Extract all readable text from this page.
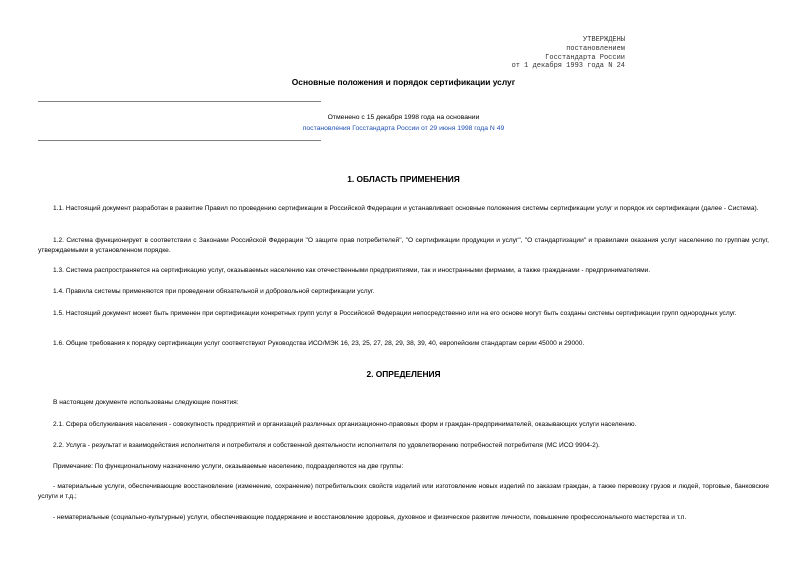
УТВЕРЖДЕНЫ
постановлением
Госстандарта России
от 1 декабря 1993 года N 24
Основные положения и порядок сертификации услуг
Отменено с 15 декабря 1998 года на основании
постановления Госстандарта России от 29 июня 1998 года N 49
1. ОБЛАСТЬ ПРИМЕНЕНИЯ
1.1. Настоящий документ разработан в развитие Правил по проведению сертификации в Российской Федерации и устанавливает основные положения системы сертификации услуг и порядок их сертификации (далее - Система).
1.2. Система функционирует в соответствии с Законами Российской Федерации "О защите прав потребителей", "О сертификации продукции и услуг", "О стандартизации" и правилами оказания услуг населению по группам услуг, утверждаемыми в установленном порядке.
1.3. Система распространяется на сертификацию услуг, оказываемых населению как отечественными предприятиями, так и иностранными фирмами, а также гражданами - предпринимателями.
1.4. Правила системы применяются при проведении обязательной и добровольной сертификации услуг.
1.5. Настоящий документ может быть применен при сертификации конкретных групп услуг в Российской Федерации непосредственно или на его основе могут быть созданы системы сертификации групп однородных услуг.
1.6. Общие требования к порядку сертификации услуг соответствуют Руководства ИСО/МЭК 16, 23, 25, 27, 28, 29, 38, 39, 40, европейским стандартам серии 45000 и 29000.
2. ОПРЕДЕЛЕНИЯ
В настоящем документе использованы следующие понятия:
2.1. Сфера обслуживания населения - совокупность предприятий и организаций различных организационно-правовых форм и граждан-предпринимателей, оказывающих услуги населению.
2.2. Услуга - результат и взаимодействия исполнителя и потребителя и собственной деятельности исполнителя по удовлетворению потребностей потребителя (МС ИСО 9904-2).
Примечание: По функциональному назначению услуги, оказываемые населению, подразделяются на две группы:
- материальные услуги, обеспечивающие восстановление (изменение, сохранение) потребительских свойств изделий или изготовление новых изделий по заказам граждан, а также перевозку грузов и людей, торговые, банковские услуги и т.д.;
- нематериальные (социально-культурные) услуги, обеспечивающие поддержание и восстановление здоровья, духовное и физическое развитие личности, повышение профессионального мастерства и т.п.
